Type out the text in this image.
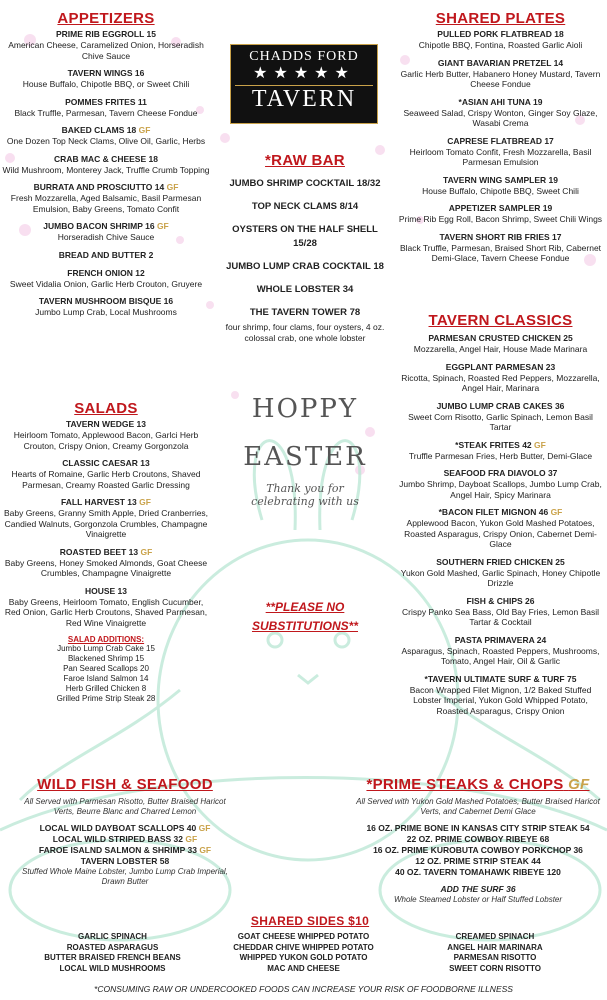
APPETIZERS
PRIME RIB EGGROLL 15
American Cheese, Caramelized Onion, Horseradish Chive Sauce
TAVERN WINGS 16
House Buffalo, Chipotle BBQ, or Sweet Chili
POMMES FRITES 11
Black Truffle, Parmesan, Tavern Cheese Fondue
BAKED CLAMS 18 GF
One Dozen Top Neck Clams, Olive Oil, Garlic, Herbs
CRAB MAC & CHEESE 18
Wild Mushroom, Monterey Jack, Truffle Crumb Topping
BURRATA AND PROSCIUTTO 14 GF
Fresh Mozzarella, Aged Balsamic, Basil Parmesan Emulsion, Baby Greens, Tomato Confit
JUMBO BACON SHRIMP 16 GF
Horseradish Chive Sauce
BREAD AND BUTTER 2
FRENCH ONION 12
Sweet Vidalia Onion, Garlic Herb Crouton, Gruyere
TAVERN MUSHROOM BISQUE 16
Jumbo Lump Crab, Local Mushrooms
SALADS
TAVERN WEDGE 13
Heirloom Tomato, Applewood Bacon, Garlci Herb Crouton, Crispy Onion, Creamy Gorgonzola
CLASSIC CAESAR 13
Hearts of Romaine, Garlic Herb Croutons, Shaved Parmesan, Creamy Roasted Garlic Dressing
FALL HARVEST 13 GF
Baby Greens, Granny Smith Apple, Dried Cranberries, Candied Walnuts, Gorgonzola Crumbles, Champagne Vinaigrette
ROASTED BEET 13 GF
Baby Greens, Honey Smoked Almonds, Goat Cheese Crumbles, Champagne Vinaigrette
HOUSE 13
Baby Greens, Heirloom Tomato, English Cucumber, Red Onion, Garlic Herb Croutons, Shaved Parmesan, Red Wine Vinaigrette
SALAD ADDITIONS:
Jumbo Lump Crab Cake 15
Blackened Shrimp 15
Pan Seared Scallops 20
Faroe Island Salmon 14
Herb Grilled Chicken 8
Grilled Prime Strip Steak 28
CHADDS FORD
★★★★★
TAVERN
*RAW BAR
JUMBO SHRIMP COCKTAIL 18/32
TOP NECK CLAMS 8/14
OYSTERS ON THE HALF SHELL 15/28
JUMBO LUMP CRAB COCKTAIL 18
WHOLE LOBSTER 34
THE TAVERN TOWER 78
four shrimp, four clams, four oysters, 4 oz. colossal crab, one whole lobster
HOPPY
EASTER
Thank you for
celebrating with us
**PLEASE NO SUBSTITUTIONS**
SHARED PLATES
PULLED PORK FLATBREAD 18
Chipotle BBQ, Fontina, Roasted Garlic Aioli
GIANT BAVARIAN PRETZEL 14
Garlic Herb Butter, Habanero Honey Mustard, Tavern Cheese Fondue
*ASIAN AHI TUNA 19
Seaweed Salad, Crispy Wonton, Ginger Soy Glaze, Wasabi Crema
CAPRESE FLATBREAD 17
Heirloom Tomato Confit, Fresh Mozzarella, Basil Parmesan Emulsion
TAVERN WING SAMPLER 19
House Buffalo, Chipotle BBQ, Sweet Chili
APPETIZER SAMPLER 19
Prime Rib Egg Roll, Bacon Shrimp, Sweet Chili Wings
TAVERN SHORT RIB FRIES 17
Black Truffle, Parmesan, Braised Short Rib, Cabernet Demi-Glace, Tavern Cheese Fondue
TAVERN CLASSICS
PARMESAN CRUSTED CHICKEN 25
Mozzarella, Angel Hair, House Made Marinara
EGGPLANT PARMESAN 23
Ricotta, Spinach, Roasted Red Peppers, Mozzarella, Angel Hair, Marinara
JUMBO LUMP CRAB CAKES 36
Sweet Corn Risotto, Garlic Spinach, Lemon Basil Tartar
*STEAK FRITES 42 GF
Truffle Parmesan Fries, Herb Butter, Demi-Glace
SEAFOOD FRA DIAVOLO 37
Jumbo Shrimp, Dayboat Scallops, Jumbo Lump Crab, Angel Hair, Spicy Marinara
*BACON FILET MIGNON 46 GF
Applewood Bacon, Yukon Gold Mashed Potatoes, Roasted Asparagus, Crispy Onion, Cabernet Demi-Glace
SOUTHERN FRIED CHICKEN 25
Yukon Gold Mashed, Garlic Spinach, Honey Chipotle Drizzle
FISH & CHIPS 26
Crispy Panko Sea Bass, Old Bay Fries, Lemon Basil Tartar & Cocktail
PASTA PRIMAVERA 24
Asparagus, Spinach, Roasted Peppers, Mushrooms, Tomato, Angel Hair, Oil & Garlic
*TAVERN ULTIMATE SURF & TURF 75
Bacon Wrapped Filet Mignon, 1/2 Baked Stuffed Lobster Imperial, Yukon Gold Whipped Potato, Roasted Asparagus, Crispy Onion
WILD FISH & SEAFOOD
All Served with Parmesan Risotto, Butter Braised Haricot Verts, Beurre Blanc and Charred Lemon
LOCAL WILD DAYBOAT SCALLOPS 40 GF
LOCAL WILD STRIPED BASS 32 GF
FAROE ISALND SALMON & SHRIMP 33 GF
TAVERN LOBSTER 58
Stuffed Whole Maine Lobster, Jumbo Lump Crab Imperial, Drawn Butter
*PRIME STEAKS & CHOPS GF
All Served with Yukon Gold Mashed Potatoes, Butter Braised Haricot Verts, and Cabernet Demi Glace
16 OZ. PRIME BONE IN KANSAS CITY STRIP STEAK 54
22 OZ. PRIME COWBOY RIBEYE 68
16 OZ. PRIME KUROBUTA COWBOY PORKCHOP 36
12 OZ. PRIME STRIP STEAK 44
40 OZ. TAVERN TOMAHAWK RIBEYE 120
ADD THE SURF 36
Whole Steamed Lobster or Half Stuffed Lobster
SHARED SIDES $10
GARLIC SPINACH
ROASTED ASPARAGUS
BUTTER BRAISED FRENCH BEANS
LOCAL WILD MUSHROOMS
GOAT CHEESE WHIPPED POTATO
CHEDDAR CHIVE WHIPPED POTATO
WHIPPED YUKON GOLD POTATO
MAC AND CHEESE
CREAMED SPINACH
ANGEL HAIR MARINARA
PARMESAN RISOTTO
SWEET CORN RISOTTO
*CONSUMING RAW OR UNDERCOOKED FOODS CAN INCREASE YOUR RISK OF FOODBORNE ILLNESS
